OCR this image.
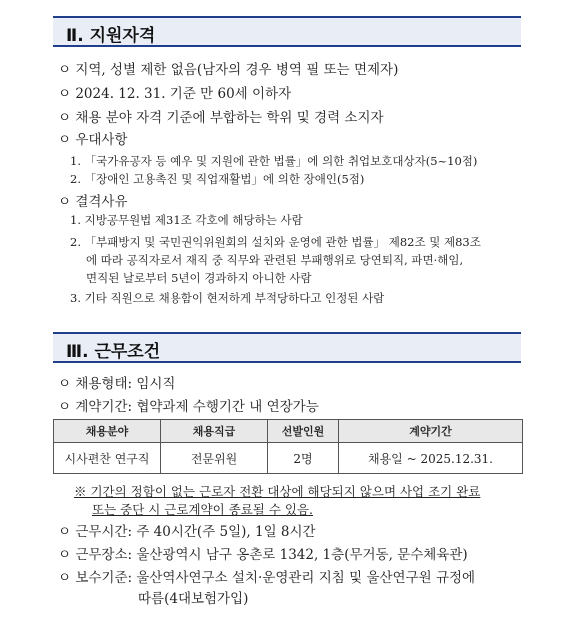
Ⅱ. 지원자격
ㅇ 지역, 성별 제한 없음(남자의 경우 병역 필 또는 면제자)
ㅇ 2024. 12. 31. 기준 만 60세 이하자
ㅇ 채용 분야 자격 기준에 부합하는 학위 및 경력 소지자
ㅇ 우대사항
1. 「국가유공자 등 예우 및 지원에 관한 법률」에 의한 취업보호대상자(5~10점)
2. 「장애인 고용촉진 및 직업재활법」에 의한 장애인(5점)
ㅇ 결격사유
1. 지방공무원법 제31조 각호에 해당하는 사람
2. 「부패방지 및 국민권익위원회의 설치와 운영에 관한 법률」 제82조 및 제83조
에 따라 공직자로서 재직 중 직무와 관련된 부패행위로 당연퇴직, 파면·해임,
면직된 날로부터 5년이 경과하지 아니한 사람
3. 기타 직원으로 채용함이 현저하게 부적당하다고 인정된 사람
Ⅲ. 근무조건
ㅇ 채용형태: 임시직
ㅇ 계약기간: 협약과제 수행기간 내 연장가능
채용분야	채용직급	선발인원	계약기간
시사편찬 연구직	전문위원	2명	채용일 ~ 2025.12.31.
※ 기간의 정함이 없는 근로자 전환 대상에 해당되지 않으며 사업 조기 완료
또는 중단 시 근로계약이 종료될 수 있음.
ㅇ 근무시간: 주 40시간(주 5일), 1일 8시간
ㅇ 근무장소: 울산광역시 남구 옹촌로 1342, 1층(무거동, 문수체육관)
ㅇ 보수기준: 울산역사연구소 설치·운영관리 지침 및 울산연구원 규정에
따름(4대보험가입)
